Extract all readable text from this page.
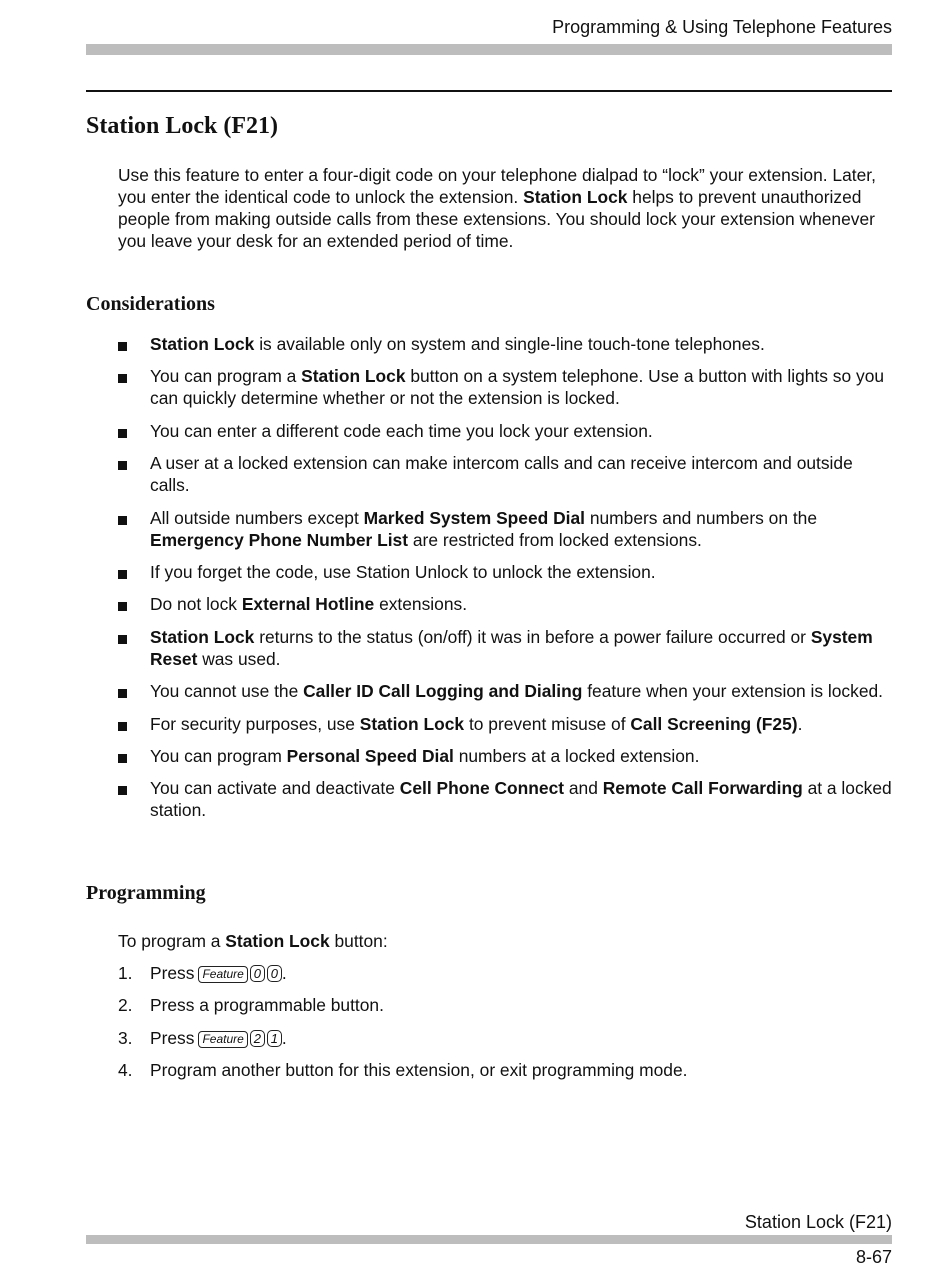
Programming & Using Telephone Features
Station Lock (F21)

Use this feature to enter a four-digit code on your telephone dialpad to “lock” your extension. Later, you enter the identical code to unlock the extension. Station Lock helps to prevent unauthorized people from making outside calls from these extensions. You should lock your extension whenever you leave your desk for an extended period of time.

Considerations
Station Lock is available only on system and single-line touch-tone telephones.
You can program a Station Lock button on a system telephone. Use a button with lights so you can quickly determine whether or not the extension is locked.
You can enter a different code each time you lock your extension.
A user at a locked extension can make intercom calls and can receive intercom and outside calls.
All outside numbers except Marked System Speed Dial numbers and numbers on the Emergency Phone Number List are restricted from locked extensions.
If you forget the code, use Station Unlock to unlock the extension.
Do not lock External Hotline extensions.
Station Lock returns to the status (on/off) it was in before a power failure occurred or System Reset was used.
You cannot use the Caller ID Call Logging and Dialing feature when your extension is locked.
For security purposes, use Station Lock to prevent misuse of Call Screening (F25).
You can program Personal Speed Dial numbers at a locked extension.
You can activate and deactivate Cell Phone Connect and Remote Call Forwarding at a locked station.
Programming

To program a Station Lock button:

1. Press Feature 0 0 .
2. Press a programmable button.
3. Press Feature 2 1 .
4. Program another button for this extension, or exit programming mode.
Station Lock (F21)
8-67
